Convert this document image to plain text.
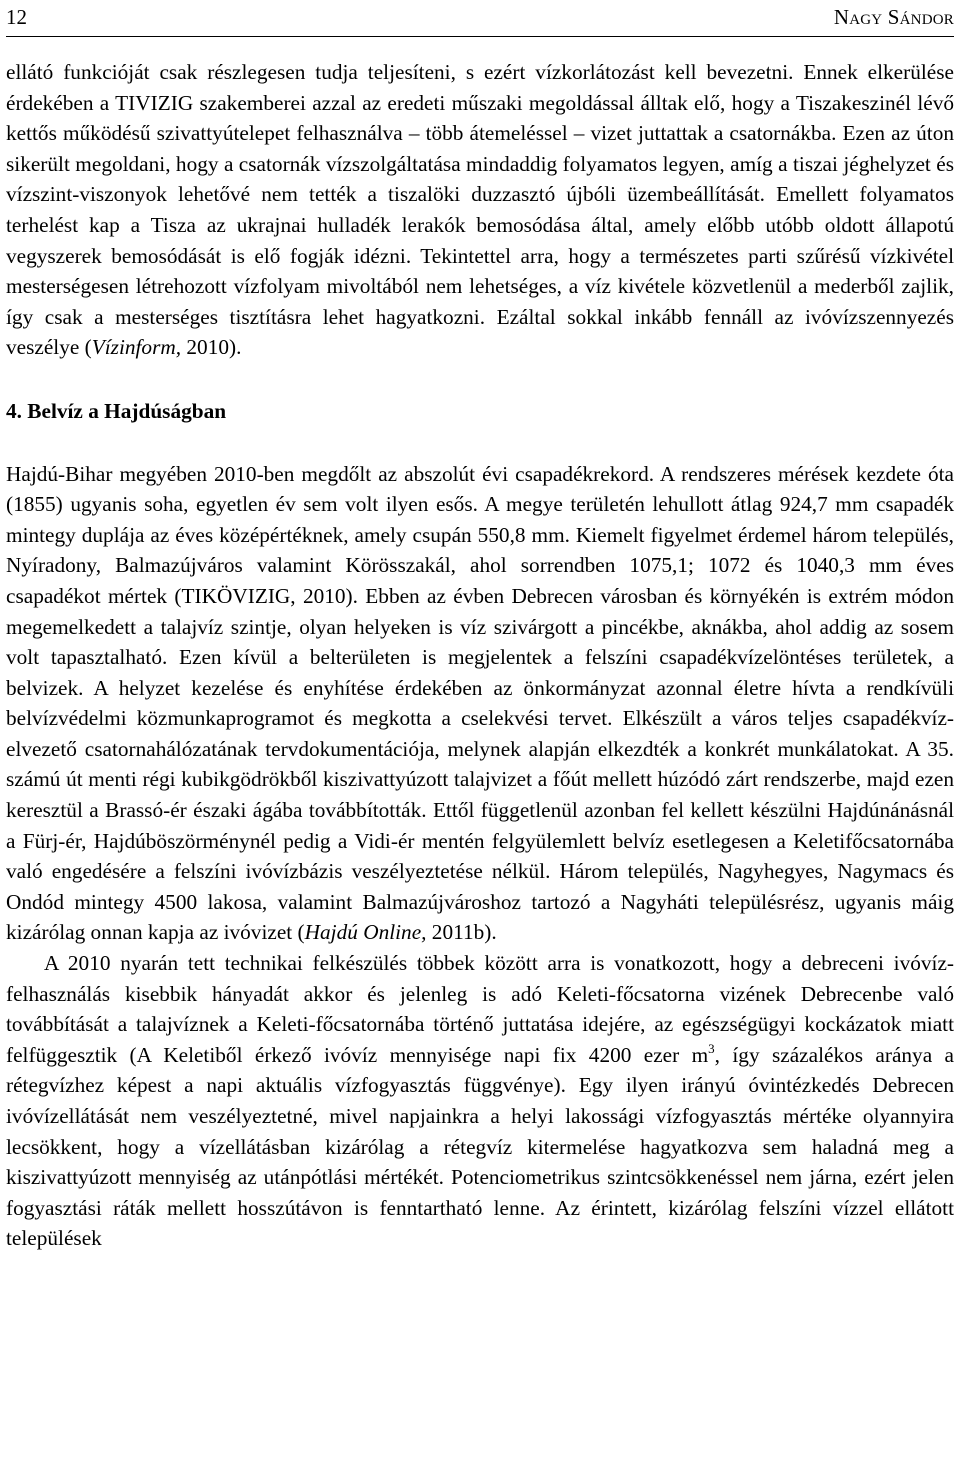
12	Nagy Sándor

ellátó funkcióját csak részlegesen tudja teljesíteni, s ezért vízkorlátozást kell bevezetni. Ennek elkerülése érdekében a TIVIZIG szakemberei azzal az eredeti műszaki megoldással álltak elő, hogy a Tiszakeszinél lévő kettős működésű szivattyútelepet felhasználva – több átemeléssel – vizet juttattak a csatornákba. Ezen az úton sikerült megoldani, hogy a csatornák vízszolgáltatása mindaddig folyamatos legyen, amíg a tiszai jéghelyzet és vízszint-viszonyok lehetővé nem tették a tiszalöki duzzasztó újbóli üzembeállítását. Emellett folyamatos terhelést kap a Tisza az ukrajnai hulladék lerakók bemosódása által, amely előbb utóbb oldott állapotú vegyszerek bemosódását is elő fogják idézni. Tekintettel arra, hogy a természetes parti szűrésű vízkivétel mesterségesen létrehozott vízfolyam mivoltából nem lehetséges, a víz kivétele közvetlenül a mederből zajlik, így csak a mesterséges tisztításra lehet hagyatkozni. Ezáltal sokkal inkább fennáll az ivóvízszennyezés veszélye (Vízinform, 2010).

4. Belvíz a Hajdúságban

Hajdú-Bihar megyében 2010-ben megdőlt az abszolút évi csapadékrekord. A rendszeres mérések kezdete óta (1855) ugyanis soha, egyetlen év sem volt ilyen esős. A megye területén lehullott átlag 924,7 mm csapadék mintegy duplája az éves középértéknek, amely csupán 550,8 mm. Kiemelt figyelmet érdemel három település, Nyíradony, Balmazújváros valamint Körösszakál, ahol sorrendben 1075,1; 1072 és 1040,3 mm éves csapadékot mértek (TIKÖVIZIG, 2010). Ebben az évben Debrecen városban és környékén is extrém módon megemelkedett a talajvíz szintje, olyan helyeken is víz szivárgott a pincékbe, aknákba, ahol addig az sosem volt tapasztalható. Ezen kívül a belterületen is megjelentek a felszíni csapadékvízelöntéses területek, a belvizek. A helyzet kezelése és enyhítése érdekében az önkormányzat azonnal életre hívta a rendkívüli belvízvédelmi közmunkaprogramot és megkotta a cselekvési tervet. Elkészült a város teljes csapadékvíz-elvezető csatornahálózatának tervdokumentációja, melynek alapján elkezdték a konkrét munkálatokat. A 35. számú út menti régi kubikgödrökből kiszivattyúzott talajvizet a főút mellett húzódó zárt rendszerbe, majd ezen keresztül a Brassó-ér északi ágába továbbították. Ettől függetlenül azonban fel kellett készülni Hajdúnánásnál a Fürj-ér, Hajdúböszörménynél pedig a Vidi-ér mentén felgyülemlett belvíz esetlegesen a Keletifőcsatornába való engedésére a felszíni ivóvízbázis veszélyeztetése nélkül. Három település, Nagyhegyes, Nagymacs és Ondód mintegy 4500 lakosa, valamint Balmazújvároshoz tartozó a Nagyháti településrész, ugyanis máig kizárólag onnan kapja az ivóvizet (Hajdú Online, 2011b).

A 2010 nyarán tett technikai felkészülés többek között arra is vonatkozott, hogy a debreceni ivóvíz-felhasználás kisebbik hányadát akkor és jelenleg is adó Keleti-főcsatorna vizének Debrecenbe való továbbítását a talajvíznek a Keleti-főcsatornába történő juttatása idejére, az egészségügyi kockázatok miatt felfüggesztik (A Keletiből érkező ivóvíz mennyisége napi fix 4200 ezer $m^3$, így százalékos aránya a rétegvízhez képest a napi aktuális vízfogyasztás függvénye). Egy ilyen irányú óvintézkedés Debrecen ivóvízellátását nem veszélyeztetné, mivel napjainkra a helyi lakossági vízfogyasztás mértéke olyannyira lecsökkent, hogy a vízellátásban kizárólag a rétegvíz kitermelése hagyatkozva sem haladná meg a kiszivattyúzott mennyiség az utánpótlási mértékét. Potenciometrikus szintcsökkenéssel nem járna, ezért jelen fogyasztási ráták mellett hosszútávon is fenntartható lenne. Az érintett, kizárólag felszíni vízzel ellátott települések
